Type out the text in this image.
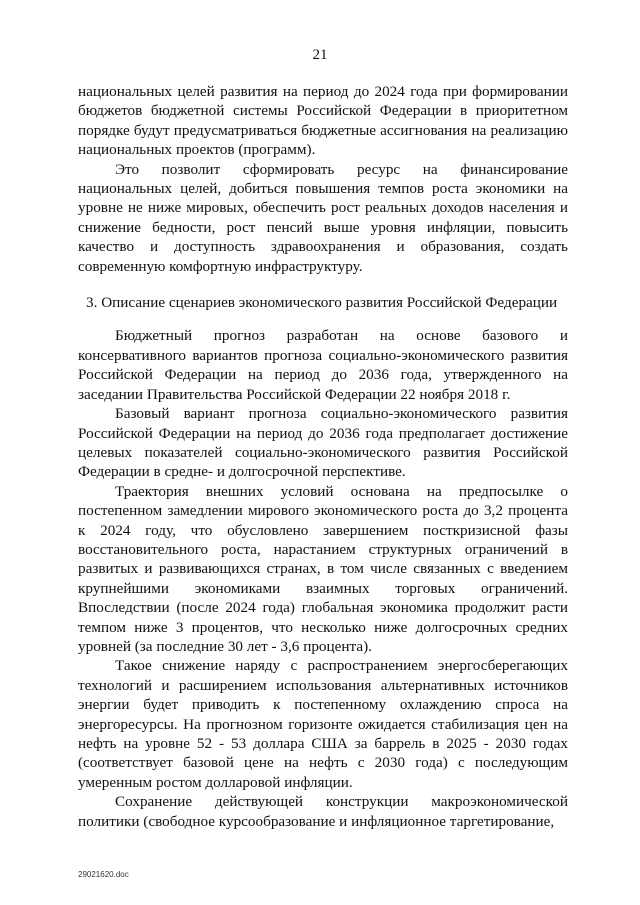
21

национальных целей развития на период до 2024 года при формировании бюджетов бюджетной системы Российской Федерации в приоритетном порядке будут предусматриваться бюджетные ассигнования на реализацию национальных проектов (программ).

Это позволит сформировать ресурс на финансирование национальных целей, добиться повышения темпов роста экономики на уровне не ниже мировых, обеспечить рост реальных доходов населения и снижение бедности, рост пенсий выше уровня инфляции, повысить качество и доступность здравоохранения и образования, создать современную комфортную инфраструктуру.

3. Описание сценариев экономического развития Российской Федерации

Бюджетный прогноз разработан на основе базового и консервативного вариантов прогноза социально-экономического развития Российской Федерации на период до 2036 года, утвержденного на заседании Правительства Российской Федерации 22 ноября 2018 г.

Базовый вариант прогноза социально-экономического развития Российской Федерации на период до 2036 года предполагает достижение целевых показателей социально-экономического развития Российской Федерации в средне- и долгосрочной перспективе.

Траектория внешних условий основана на предпосылке о постепенном замедлении мирового экономического роста до 3,2 процента к 2024 году, что обусловлено завершением посткризисной фазы восстановительного роста, нарастанием структурных ограничений в развитых и развивающихся странах, в том числе связанных с введением крупнейшими экономиками взаимных торговых ограничений. Впоследствии (после 2024 года) глобальная экономика продолжит расти темпом ниже 3 процентов, что несколько ниже долгосрочных средних уровней (за последние 30 лет - 3,6 процента).

Такое снижение наряду с распространением энергосберегающих технологий и расширением использования альтернативных источников энергии будет приводить к постепенному охлаждению спроса на энергоресурсы. На прогнозном горизонте ожидается стабилизация цен на нефть на уровне 52 - 53 доллара США за баррель в 2025 - 2030 годах (соответствует базовой цене на нефть с 2030 года) с последующим умеренным ростом долларовой инфляции.

Сохранение действующей конструкции макроэкономической политики (свободное курсообразование и инфляционное таргетирование,

29021620.doc
